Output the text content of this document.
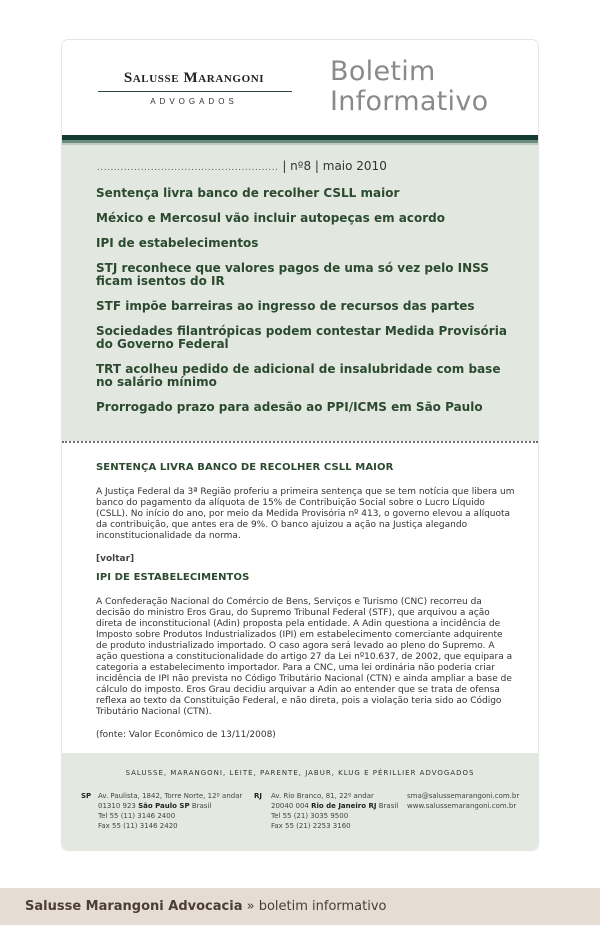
Salusse Marangoni
ADVOGADOS
Boletim
Informativo
...................................................... | nº8 | maio 2010
Sentença livra banco de recolher CSLL maior
México e Mercosul vão incluir autopeças em acordo
IPI de estabelecimentos
STJ reconhece que valores pagos de uma só vez pelo INSS ficam isentos do IR
STF impõe barreiras ao ingresso de recursos das partes
Sociedades filantrópicas podem contestar Medida Provisória do Governo Federal
TRT acolheu pedido de adicional de insalubridade com base no salário mínimo
Prorrogado prazo para adesão ao PPI/ICMS em São Paulo
SENTENÇA LIVRA BANCO DE RECOLHER CSLL MAIOR

A Justiça Federal da 3ª Região proferiu a primeira sentença que se tem notícia que libera um banco do pagamento da alíquota de 15% de Contribuição Social sobre o Lucro Líquido (CSLL). No início do ano, por meio da Medida Provisória nº 413, o governo elevou a alíquota da contribuição, que antes era de 9%. O banco ajuizou a ação na Justiça alegando inconstitucionalidade da norma.

[voltar]
IPI DE ESTABELECIMENTOS

A Confederação Nacional do Comércio de Bens, Serviços e Turismo (CNC) recorreu da decisão do ministro Eros Grau, do Supremo Tribunal Federal (STF), que arquivou a ação direta de inconstitucional (Adin) proposta pela entidade. A Adin questiona a incidência de Imposto sobre Produtos Industrializados (IPI) em estabelecimento comerciante adquirente de produto industrializado importado. O caso agora será levado ao pleno do Supremo. A ação questiona a constitucionalidade do artigo 27 da Lei nº10.637, de 2002, que equipara a categoria a estabelecimento importador. Para a CNC, uma lei ordinária não poderia criar incidência de IPI não prevista no Código Tributário Nacional (CTN) e ainda ampliar a base de cálculo do imposto. Eros Grau decidiu arquivar a Adin ao entender que se trata de ofensa reflexa ao texto da Constituição Federal, e não direta, pois a violação teria sido ao Código Tributário Nacional (CTN).

(fonte: Valor Econômico de 13/11/2008)
SALUSSE, MARANGONI, LEITE, PARENTE, JABUR, KLUG E PÉRILLIER ADVOGADOS
SP Av. Paulista, 1842, Torre Norte, 12º andar
01310 923 São Paulo SP Brasil
Tel 55 (11) 3146 2400
Fax 55 (11) 3146 2420
RJ Av. Rio Branco, 81, 22º andar
20040 004 Rio de Janeiro RJ Brasil
Tel 55 (21) 3035 9500
Fax 55 (21) 2253 3160
sma@salussemarangoni.com.br
www.salussemarangoni.com.br
Salusse Marangoni Advocacia » boletim informativo
